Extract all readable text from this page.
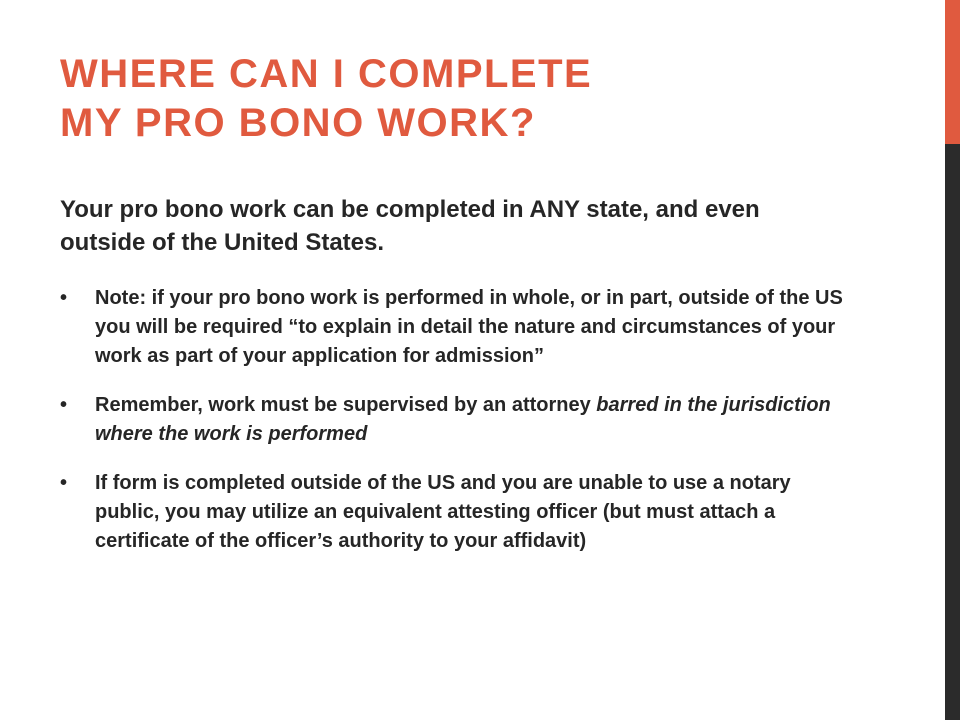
WHERE CAN I COMPLETE
MY PRO BONO WORK?

Your pro bono work can be completed in ANY state, and even outside of the United States.

•	Note: if your pro bono work is performed in whole, or in part, outside of the US you will be required “to explain in detail the nature and circumstances of your work as part of your application for admission”
•	Remember, work must be supervised by an attorney barred in the jurisdiction where the work is performed
•	If form is completed outside of the US and you are unable to use a notary public, you may utilize an equivalent attesting officer (but must attach a certificate of the officer’s authority to your affidavit)
